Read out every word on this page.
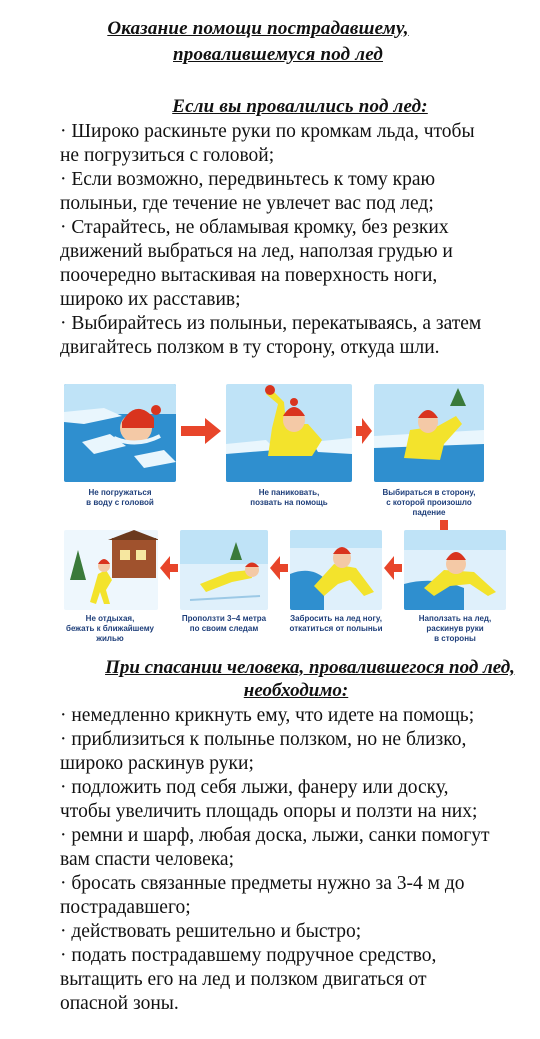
Оказание помощи пострадавшему,
провалившемуся под лед
Если вы провалились под лед:

· Широко раскиньте руки по кромкам льда, чтобы

не погрузиться с головой;

· Если возможно, передвиньтесь к тому краю

полыньи, где течение не увлечет вас под лед;

· Старайтесь, не обламывая кромку, без резких

движений выбраться на лед, наползая грудью и

поочередно вытаскивая на поверхность ноги,

широко их расставив;

· Выбирайтесь из полыньи, перекатываясь, а затем

двигайтесь ползком в ту сторону, откуда шли.

Не погружаться
в воду с головой
Не паниковать,
позвать на помощь
Выбираться в сторону,
с которой произошло
падение
Наползать на лед,
раскинув руки
в стороны
Забросить на лед ногу,
откатиться от полыньи
Проползти 3–4 метра
по своим следам
Не отдыхая,
бежать к ближайшему
жилью
При спасании человека, провалившегося под лед,
необходимо:

· немедленно крикнуть ему, что идете на помощь;

· приблизиться к полынье ползком, но не близко,

широко раскинув руки;

· подложить под себя лыжи, фанеру или доску,

чтобы увеличить площадь опоры и ползти на них;

· ремни и шарф, любая доска, лыжи, санки помогут

вам спасти человека;

· бросать связанные предметы нужно за 3-4 м до

пострадавшего;

· действовать решительно и быстро;

· подать пострадавшему подручное средство,

вытащить его на лед и ползком двигаться от

опасной зоны.
